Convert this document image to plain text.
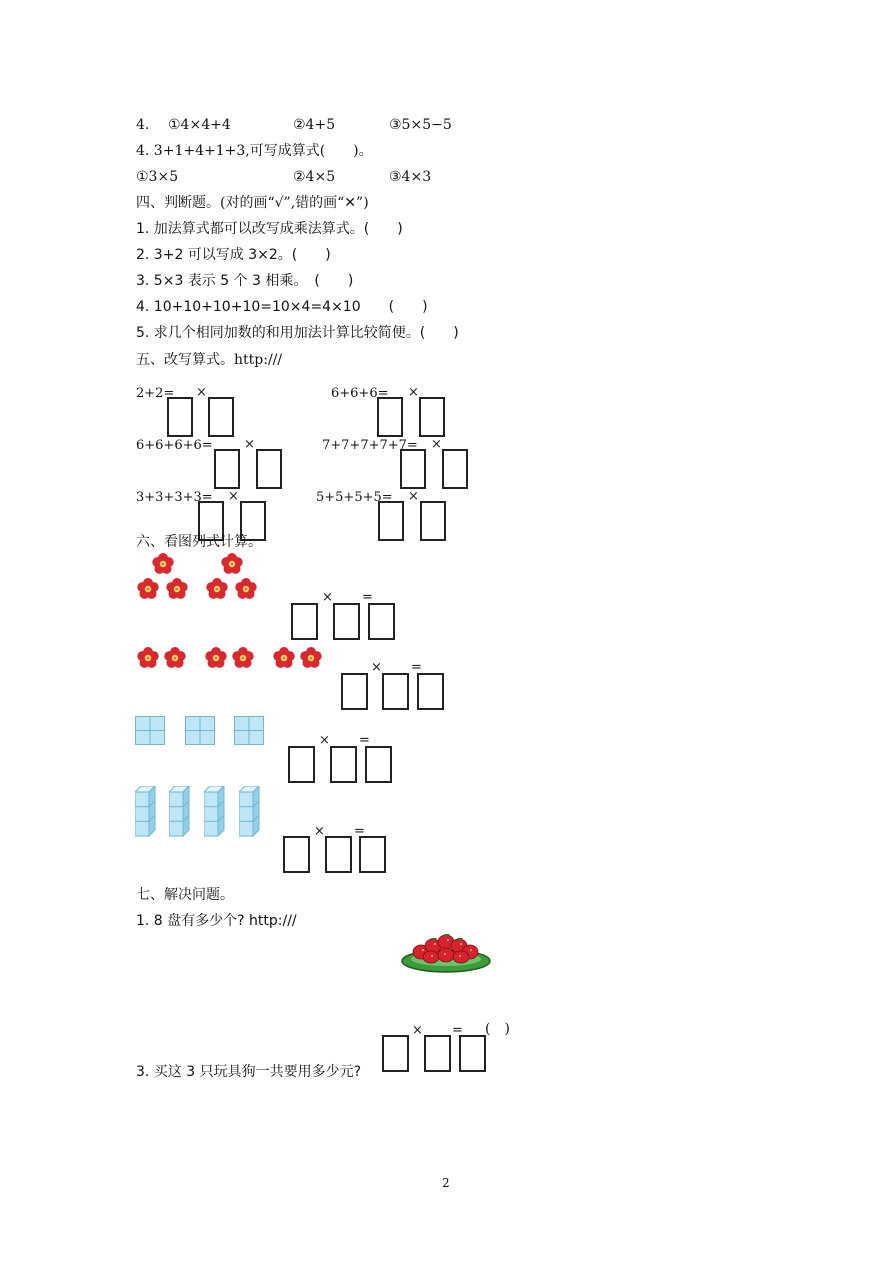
4. ①4×4+4	②4+5	③5×5−5
4. 3+1+4+1+3,可写成算式(　　)。
①3×5	②4×5	③4×3
四、判断题。(对的画“√”,错的画“✕”)
1. 加法算式都可以改写成乘法算式。(　　)
2. 3+2 可以写成 3×2。(　　)
3. 5×3 表示 5 个 3 相乘。　(　　)
4. 10+10+10+10=10×4=4×10　　(　　)
5. 求几个相同加数的和用加法计算比较简便。(　　)
五、改写算式。http:///
2+2= ×	6+6+6= ×
6+6+6+6= ×	7+7+7+7+7= ×
3+3+3+3= ×	5+5+5+5= ×
六、看图列式计算。
× =
× =
× =
× =
七、解决问题。
1. 8 盘有多少个? http:///
× = (　)
3. 买这 3 只玩具狗一共要用多少元?
2
